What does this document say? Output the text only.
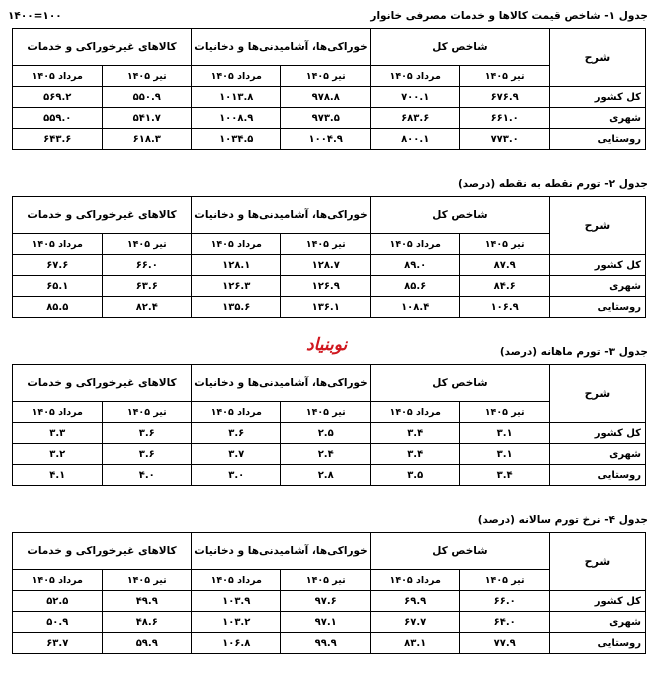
۱۴۰۰=۱۰۰
نوبنياد
جدول ۱- شاخص قیمت کالاها و خدمات مصرفی خانوار
شرح	شاخص کل		خوراکی‌ها، آشامیدنی‌ها و دخانیات		کالاهای غیرخوراکی و خدمات	
	تیر ۱۴۰۵	مرداد ۱۴۰۵	تیر ۱۴۰۵	مرداد ۱۴۰۵	تیر ۱۴۰۵	مرداد ۱۴۰۵
کل کشور	۶۷۶.۹	۷۰۰.۱	۹۷۸.۸	۱۰۱۳.۸	۵۵۰.۹	۵۶۹.۲
شهری	۶۶۱.۰	۶۸۳.۶	۹۷۳.۵	۱۰۰۸.۹	۵۴۱.۷	۵۵۹.۰
روستایی	۷۷۳.۰	۸۰۰.۱	۱۰۰۴.۹	۱۰۳۴.۵	۶۱۸.۳	۶۴۳.۶
جدول ۲- تورم نقطه به نقطه (درصد)
شرح	شاخص کل		خوراکی‌ها، آشامیدنی‌ها و دخانیات		کالاهای غیرخوراکی و خدمات	
	تیر ۱۴۰۵	مرداد ۱۴۰۵	تیر ۱۴۰۵	مرداد ۱۴۰۵	تیر ۱۴۰۵	مرداد ۱۴۰۵
کل کشور	۸۷.۹	۸۹.۰	۱۲۸.۷	۱۲۸.۱	۶۶.۰	۶۷.۶
شهری	۸۴.۶	۸۵.۶	۱۲۶.۹	۱۲۶.۳	۶۳.۶	۶۵.۱
روستایی	۱۰۶.۹	۱۰۸.۴	۱۳۶.۱	۱۳۵.۶	۸۲.۴	۸۵.۵
جدول ۳- تورم ماهانه (درصد)
شرح	شاخص کل		خوراکی‌ها، آشامیدنی‌ها و دخانیات		کالاهای غیرخوراکی و خدمات	
	تیر ۱۴۰۵	مرداد ۱۴۰۵	تیر ۱۴۰۵	مرداد ۱۴۰۵	تیر ۱۴۰۵	مرداد ۱۴۰۵
کل کشور	۳.۱	۳.۴	۲.۵	۳.۶	۳.۶	۳.۳
شهری	۳.۱	۳.۴	۲.۴	۳.۷	۳.۶	۳.۲
روستایی	۳.۴	۳.۵	۲.۸	۳.۰	۴.۰	۴.۱
جدول ۴- نرخ تورم سالانه (درصد)
شرح	شاخص کل		خوراکی‌ها، آشامیدنی‌ها و دخانیات		کالاهای غیرخوراکی و خدمات	
	تیر ۱۴۰۵	مرداد ۱۴۰۵	تیر ۱۴۰۵	مرداد ۱۴۰۵	تیر ۱۴۰۵	مرداد ۱۴۰۵
کل کشور	۶۶.۰	۶۹.۹	۹۷.۶	۱۰۳.۹	۴۹.۹	۵۲.۵
شهری	۶۴.۰	۶۷.۷	۹۷.۱	۱۰۳.۲	۴۸.۶	۵۰.۹
روستایی	۷۷.۹	۸۳.۱	۹۹.۹	۱۰۶.۸	۵۹.۹	۶۳.۷
